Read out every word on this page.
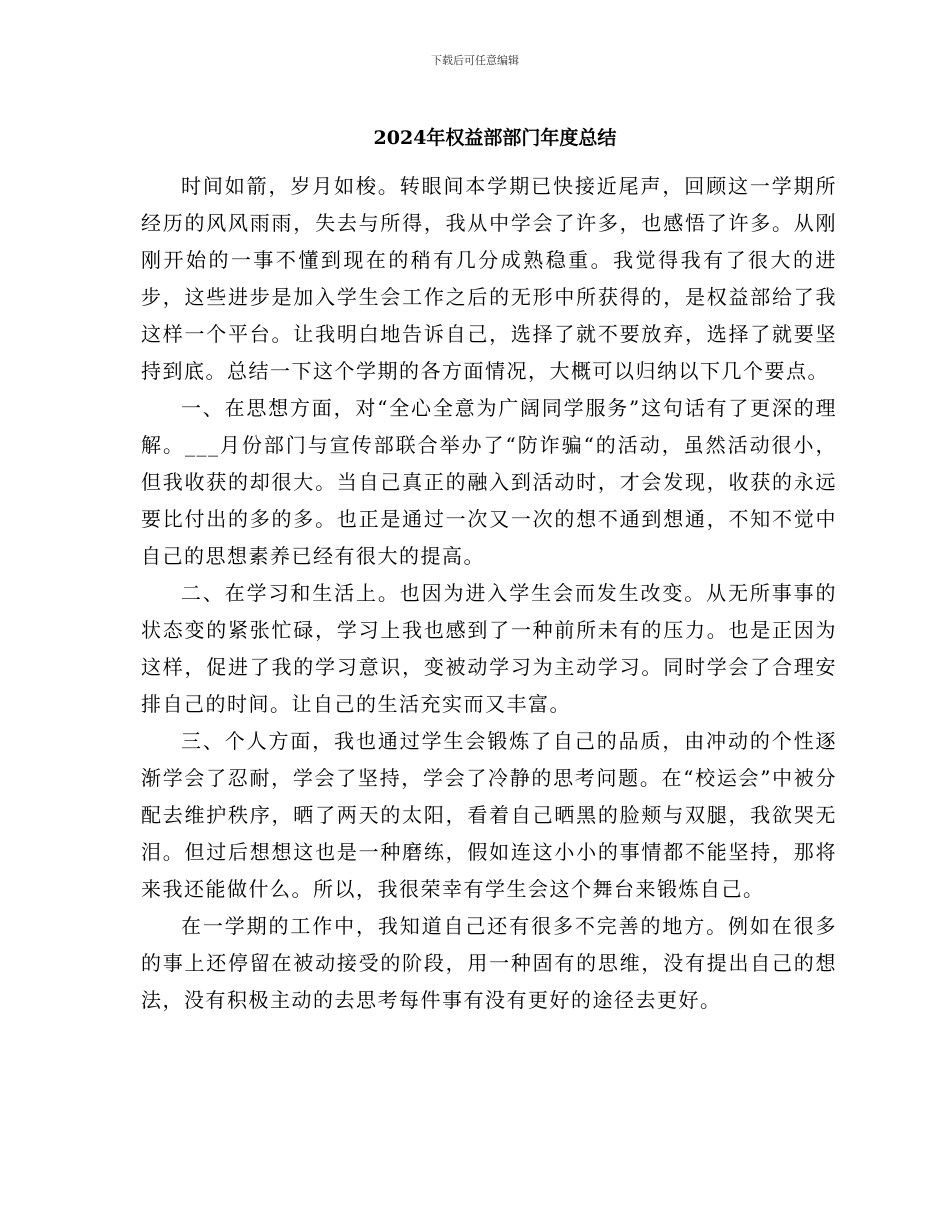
下载后可任意编辑
2024年权益部部门年度总结

时间如箭，岁月如梭。转眼间本学期已快接近尾声，回顾这一学期所经历的风风雨雨，失去与所得，我从中学会了许多，也感悟了许多。从刚刚开始的一事不懂到现在的稍有几分成熟稳重。我觉得我有了很大的进步，这些进步是加入学生会工作之后的无形中所获得的，是权益部给了我这样一个平台。让我明白地告诉自己，选择了就不要放弃，选择了就要坚持到底。总结一下这个学期的各方面情况，大概可以归纳以下几个要点。

一、在思想方面，对“全心全意为广阔同学服务”这句话有了更深的理解。___月份部门与宣传部联合举办了“防诈骗“的活动，虽然活动很小，但我收获的却很大。当自己真正的融入到活动时，才会发现，收获的永远要比付出的多的多。也正是通过一次又一次的想不通到想通，不知不觉中自己的思想素养已经有很大的提高。

二、在学习和生活上。也因为进入学生会而发生改变。从无所事事的状态变的紧张忙碌，学习上我也感到了一种前所未有的压力。也是正因为这样，促进了我的学习意识，变被动学习为主动学习。同时学会了合理安排自己的时间。让自己的生活充实而又丰富。

三、个人方面，我也通过学生会锻炼了自己的品质，由冲动的个性逐渐学会了忍耐，学会了坚持，学会了冷静的思考问题。在“校运会”中被分配去维护秩序，晒了两天的太阳，看着自己晒黑的脸颊与双腿，我欲哭无泪。但过后想想这也是一种磨练，假如连这小小的事情都不能坚持，那将来我还能做什么。所以，我很荣幸有学生会这个舞台来锻炼自己。

在一学期的工作中，我知道自己还有很多不完善的地方。例如在很多的事上还停留在被动接受的阶段，用一种固有的思维，没有提出自己的想法，没有积极主动的去思考每件事有没有更好的途径去更好。
